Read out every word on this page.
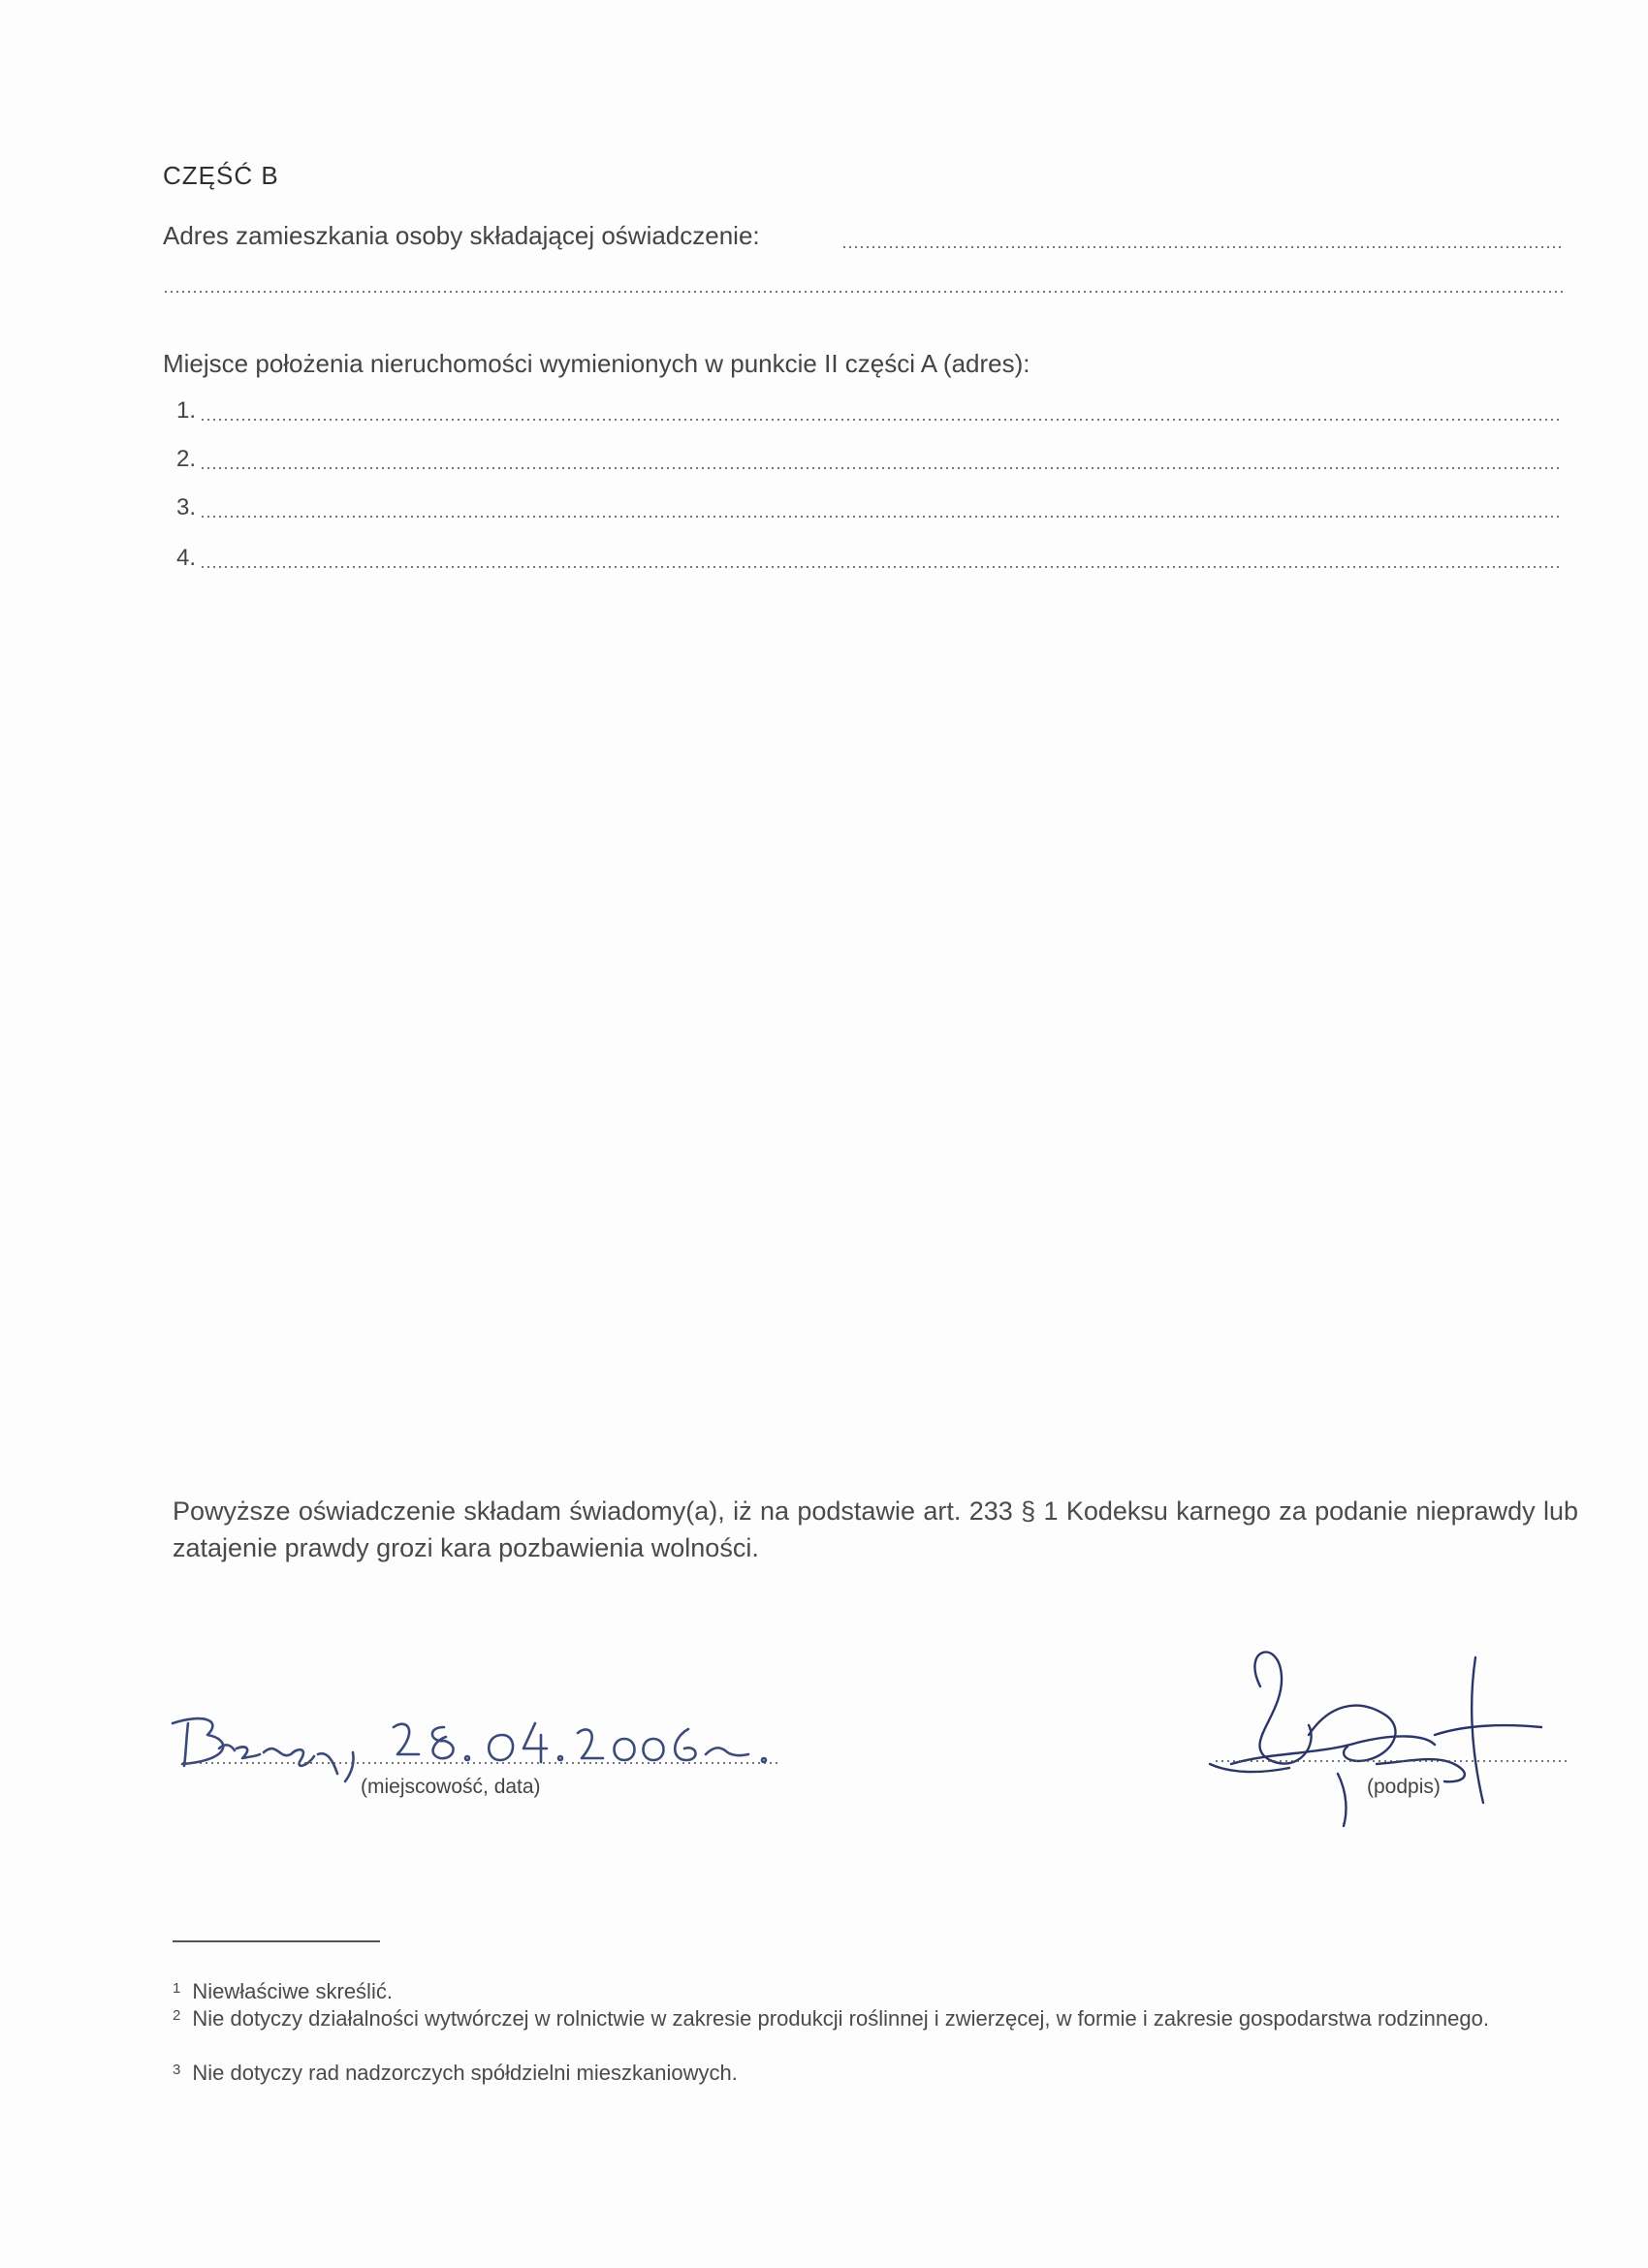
CZĘŚĆ B
Adres zamieszkania osoby składającej oświadczenie:
Miejsce położenia nieruchomości wymienionych w punkcie II części A (adres):
1.
2.
3.
4.
Powyższe oświadczenie składam świadomy(a), iż na podstawie art. 233 § 1 Kodeksu karnego za podanie nieprawdy lub zatajenie prawdy grozi kara pozbawienia wolności.
(miejscowość, data)	(podpis)
$^1$ Niewłaściwe skreślić.
$^2$ Nie dotyczy działalności wytwórczej w rolnictwie w zakresie produkcji roślinnej i zwierzęcej, w formie i zakresie gospodarstwa rodzinnego.
$^3$ Nie dotyczy rad nadzorczych spółdzielni mieszkaniowych.
